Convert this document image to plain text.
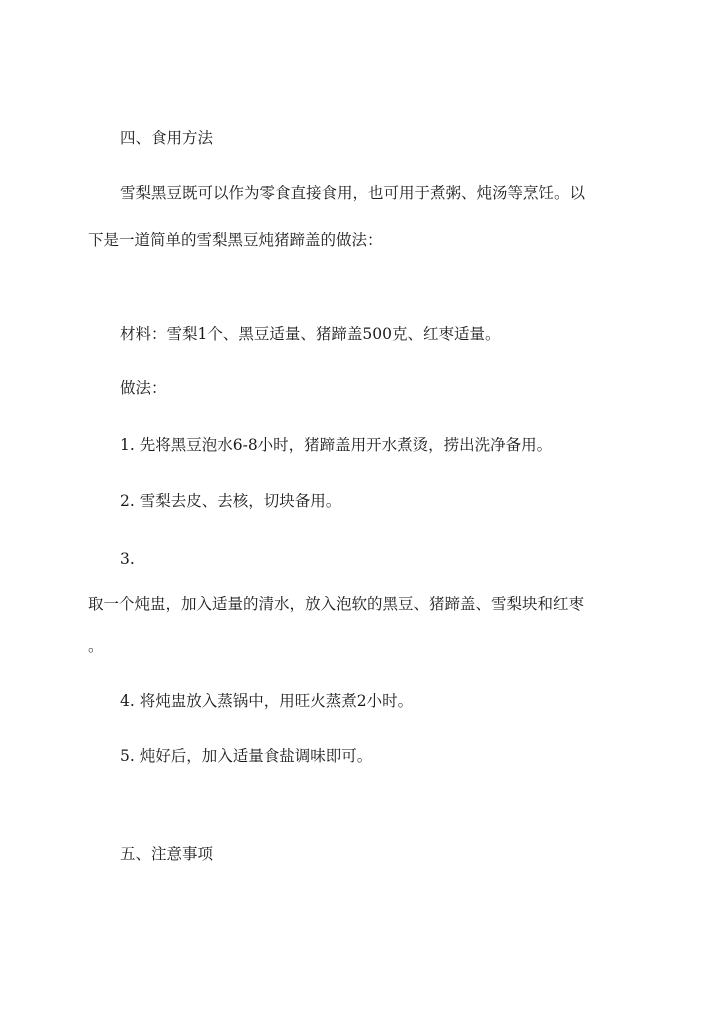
四、食用方法

雪梨黑豆既可以作为零食直接食用，也可用于煮粥、炖汤等烹饪。以

下是一道简单的雪梨黑豆炖猪蹄盖的做法：

材料：雪梨1个、黑豆适量、猪蹄盖500克、红枣适量。

做法：

1. 先将黑豆泡水6-8小时，猪蹄盖用开水煮烫，捞出洗净备用。

2. 雪梨去皮、去核，切块备用。

3.

取一个炖盅，加入适量的清水，放入泡软的黑豆、猪蹄盖、雪梨块和红枣

。

4. 将炖盅放入蒸锅中，用旺火蒸煮2小时。

5. 炖好后，加入适量食盐调味即可。

五、注意事项
